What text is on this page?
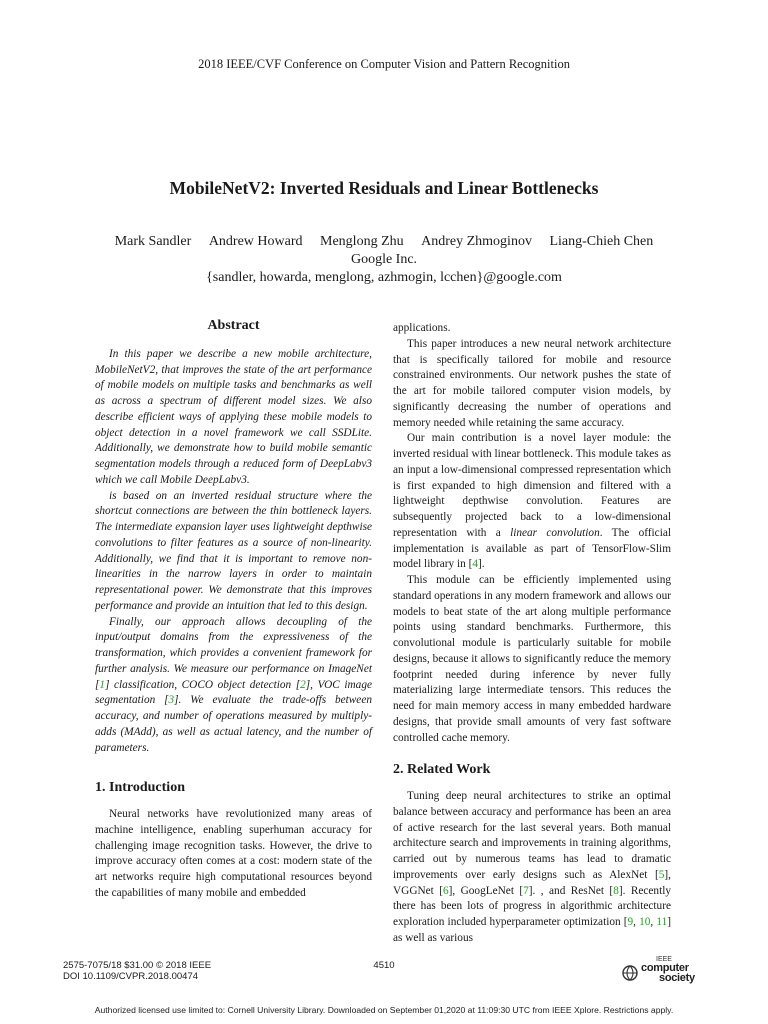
2018 IEEE/CVF Conference on Computer Vision and Pattern Recognition
MobileNetV2: Inverted Residuals and Linear Bottlenecks
Mark Sandler Andrew Howard Menglong Zhu Andrey Zhmoginov Liang-Chieh Chen
Google Inc.
{sandler, howarda, menglong, azhmogin, lcchen}@google.com
Abstract

In this paper we describe a new mobile architecture, MobileNetV2, that improves the state of the art performance of mobile models on multiple tasks and benchmarks as well as across a spectrum of different model sizes. We also describe efficient ways of applying these mobile models to object detection in a novel framework we call SSDLite. Additionally, we demonstrate how to build mobile semantic segmentation models through a reduced form of DeepLabv3 which we call Mobile DeepLabv3.

is based on an inverted residual structure where the shortcut connections are between the thin bottleneck layers. The intermediate expansion layer uses lightweight depthwise convolutions to filter features as a source of non-linearity. Additionally, we find that it is important to remove non-linearities in the narrow layers in order to maintain representational power. We demonstrate that this improves performance and provide an intuition that led to this design.

Finally, our approach allows decoupling of the input/output domains from the expressiveness of the transformation, which provides a convenient framework for further analysis. We measure our performance on ImageNet [1] classification, COCO object detection [2], VOC image segmentation [3]. We evaluate the trade-offs between accuracy, and number of operations measured by multiply-adds (MAdd), as well as actual latency, and the number of parameters.

1. Introduction

Neural networks have revolutionized many areas of machine intelligence, enabling superhuman accuracy for challenging image recognition tasks. However, the drive to improve accuracy often comes at a cost: modern state of the art networks require high computational resources beyond the capabilities of many mobile and embedded

applications.

This paper introduces a new neural network architecture that is specifically tailored for mobile and resource constrained environments. Our network pushes the state of the art for mobile tailored computer vision models, by significantly decreasing the number of operations and memory needed while retaining the same accuracy.

Our main contribution is a novel layer module: the inverted residual with linear bottleneck. This module takes as an input a low-dimensional compressed representation which is first expanded to high dimension and filtered with a lightweight depthwise convolution. Features are subsequently projected back to a low-dimensional representation with a linear convolution. The official implementation is available as part of TensorFlow-Slim model library in [4].

This module can be efficiently implemented using standard operations in any modern framework and allows our models to beat state of the art along multiple performance points using standard benchmarks. Furthermore, this convolutional module is particularly suitable for mobile designs, because it allows to significantly reduce the memory footprint needed during inference by never fully materializing large intermediate tensors. This reduces the need for main memory access in many embedded hardware designs, that provide small amounts of very fast software controlled cache memory.

2. Related Work

Tuning deep neural architectures to strike an optimal balance between accuracy and performance has been an area of active research for the last several years. Both manual architecture search and improvements in training algorithms, carried out by numerous teams has lead to dramatic improvements over early designs such as AlexNet [5], VGGNet [6], GoogLeNet [7]. , and ResNet [8]. Recently there has been lots of progress in algorithmic architecture exploration included hyperparameter optimization [9, 10, 11] as well as various

2575-7075/18 $31.00 © 2018 IEEE
DOI 10.1109/CVPR.2018.00474
4510
IEEE
computer
society
Authorized licensed use limited to: Cornell University Library. Downloaded on September 01,2020 at 11:09:30 UTC from IEEE Xplore. Restrictions apply.
